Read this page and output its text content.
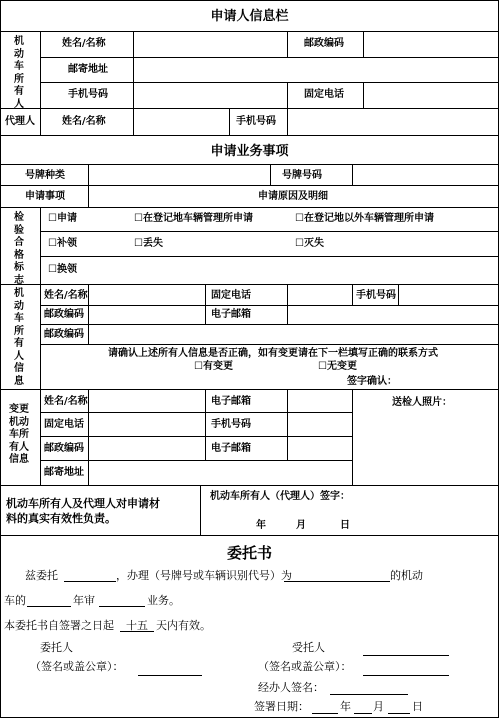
申请人信息栏
机动车所有人
姓名/名称	邮政编码
邮寄地址
手机号码	固定电话
代理人	姓名/名称	手机号码
申请业务事项
号牌种类	号牌号码
申请事项	申请原因及明细
检验合格标志
☐申请	☐在登记地车辆管理所申请	☐在登记地以外车辆管理所申请
☐补领	☐丢失	☐灭失
☐换领
机动车所有人信息
姓名/名称	固定电话	手机号码
邮政编码	电子邮箱
邮政编码
请确认上述所有人信息是否正确，如有变更请在下一栏填写正确的联系方式
☐有变更	☐无变更
签字确认：
变更机动车所有人信息
送检人照片：
姓名/名称	电子邮箱
固定电话	手机号码
邮政编码	电子邮箱
邮寄地址
机动车所有人及代理人对申请材
料的真实有效性负责。
机动车所有人（代理人）签字：
年	月	日
委托书
兹委托	，办理（号牌号或车辆识别代号）为	的机动
车的	年审	业务。
本委托书自签署之日起	十五 天内有效。
委托人	受托人
（签名或盖公章）：	（签名或盖公章）：
经办人签名：
签署日期：	年 月	日
